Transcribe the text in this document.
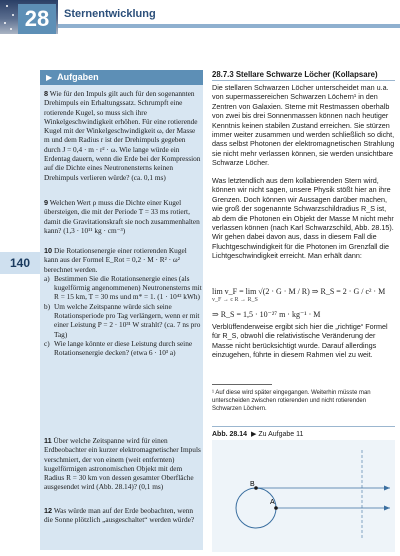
28	Sternentwicklung
140
▶ Aufgaben
8 Wie für den Impuls gilt auch für den sogenannten Drehimpuls ein Erhaltungssatz. Schrumpft eine rotierende Kugel, so muss sich ihre Winkelgeschwindigkeit erhöhen. Für eine rotierende Kugel mit der Winkelgeschwindigkeit ω, der Masse m und dem Radius r ist der Drehimpuls gegeben durch J = 0,4 · m · r² · ω. Wie lange würde ein Erdentag dauern, wenn die Erde bei der Kompression auf die Dichte eines Neutronensterns keinen Drehimpuls verlieren würde? (ca. 0,1 ms)
9 Welchen Wert ρ muss die Dichte einer Kugel übersteigen, die mit der Periode T = 33 ms rotiert, damit die Gravitationskraft sie noch zusammenhalten kann? (1,3 · 10¹¹ kg · cm⁻³)
10 Die Rotationsenergie einer rotierenden Kugel kann aus der Formel E_Rot = 0,2 · M · R² · ω² berechnet werden.
a) Bestimmen Sie die Rotationsenergie eines (als kugelförmig angenommenen) Neutronensterns mit R = 15 km, T = 30 ms und m* = 1. (1 · 10⁴² kWh)
b) Um welche Zeitspanne würde sich seine Rotationsperiode pro Tag verlängern, wenn er mit einer Leistung P = 2 · 10³¹ W strahlt? (ca. 7 ns pro Tag)
c) Wie lange könnte er diese Leistung durch seine Rotationsenergie decken? (etwa 6 · 10³ a)
11 Über welche Zeitspanne wird für einen Erdbeobachter ein kurzer elektromagnetischer Impuls verschmiert, der von einem (weit entfernten) kugelförmigen astronomischen Objekt mit dem Radius R = 30 km von dessen gesamter Oberfläche ausgesendet wird (Abb. 28.14)? (0,1 ms)
12 Was würde man auf der Erde beobachten, wenn die Sonne plötzlich „ausgeschaltet“ werden würde?
28.7.3 Stellare Schwarze Löcher (Kollapsare)
Die stellaren Schwarzen Löcher unterscheidet man u.a. von supermassereichen Schwarzen Löchern¹ in den Zentren von Galaxien. Sterne mit Restmassen oberhalb von zwei bis drei Sonnenmassen können nach heutiger Kenntnis keinen stabilen Zustand erreichen. Sie stürzen immer weiter zusammen und werden schließlich so dicht, dass selbst Photonen der elektromagnetischen Strahlung sie nicht mehr verlassen können, sie werden unsichtbare Schwarze Löcher.
Was letztendlich aus dem kollabierenden Stern wird, können wir nicht sagen, unsere Physik stößt hier an ihre Grenzen. Doch können wir Aussagen darüber machen, wie groß der sogenannte Schwarzschildradius R_S ist, ab dem die Photonen ein Objekt der Masse M nicht mehr verlassen können (nach Karl Schwarzschild, Abb. 28.15). Wir gehen dabei davon aus, dass in diesem Fall die Fluchtgeschwindigkeit für die Photonen im Grenzfall die Lichtgeschwindigkeit erreicht. Man erhält dann:
lim v_F = lim √(2 · G · M / R) ⇒ R_S = 2 · G / c² · M
v_F → c R → R_S
⇒ R_S = 1,5 · 10⁻²⁷ m · kg⁻¹ · M
Verblüffenderweise ergibt sich hier die „richtige“ Formel für R_S, obwohl die relativistische Veränderung der Masse nicht berücksichtigt wurde. Darauf allerdings einzugehen, führte in diesem Rahmen viel zu weit.
¹ Auf diese wird später eingegangen. Weiterhin müsste man unterscheiden zwischen rotierenden und nicht rotierenden Schwarzen Löchern.
Abb. 28.14 ▶ Zu Aufgabe 11
B
A
